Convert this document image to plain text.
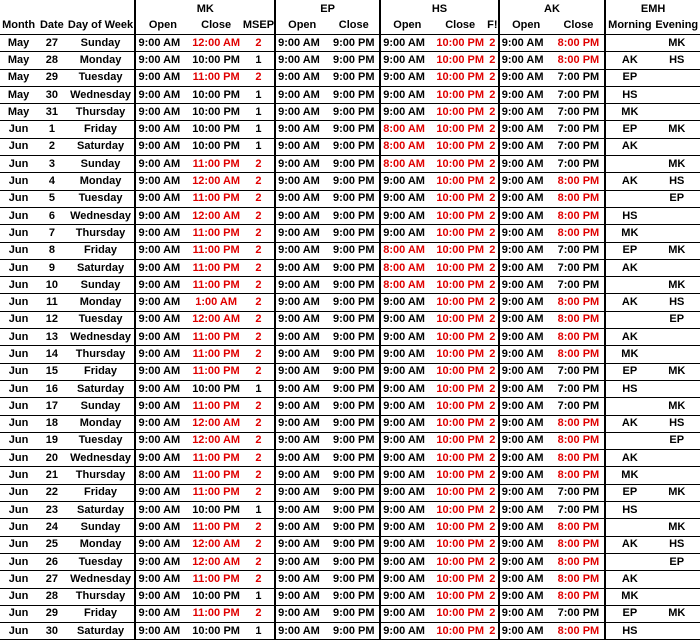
			MK			EP		HS			AK		EMH	
Month	Date	Day of Week	Open	Close	MSEP	Open	Close	Open	Close	F!	Open	Close	Morning	Evening
May	27	Sunday	9:00 AM	12:00 AM	2	9:00 AM	9:00 PM	9:00 AM	10:00 PM	2	9:00 AM	8:00 PM		MK
May	28	Monday	9:00 AM	10:00 PM	1	9:00 AM	9:00 PM	9:00 AM	10:00 PM	2	9:00 AM	8:00 PM	AK	HS
May	29	Tuesday	9:00 AM	11:00 PM	2	9:00 AM	9:00 PM	9:00 AM	10:00 PM	2	9:00 AM	7:00 PM	EP	
May	30	Wednesday	9:00 AM	10:00 PM	1	9:00 AM	9:00 PM	9:00 AM	10:00 PM	2	9:00 AM	7:00 PM	HS	
May	31	Thursday	9:00 AM	10:00 PM	1	9:00 AM	9:00 PM	9:00 AM	10:00 PM	2	9:00 AM	7:00 PM	MK	
Jun	1	Friday	9:00 AM	10:00 PM	1	9:00 AM	9:00 PM	8:00 AM	10:00 PM	2	9:00 AM	7:00 PM	EP	MK
Jun	2	Saturday	9:00 AM	10:00 PM	1	9:00 AM	9:00 PM	8:00 AM	10:00 PM	2	9:00 AM	7:00 PM	AK	
Jun	3	Sunday	9:00 AM	11:00 PM	2	9:00 AM	9:00 PM	8:00 AM	10:00 PM	2	9:00 AM	7:00 PM		MK
Jun	4	Monday	9:00 AM	12:00 AM	2	9:00 AM	9:00 PM	9:00 AM	10:00 PM	2	9:00 AM	8:00 PM	AK	HS
Jun	5	Tuesday	9:00 AM	11:00 PM	2	9:00 AM	9:00 PM	9:00 AM	10:00 PM	2	9:00 AM	8:00 PM		EP
Jun	6	Wednesday	9:00 AM	12:00 AM	2	9:00 AM	9:00 PM	9:00 AM	10:00 PM	2	9:00 AM	8:00 PM	HS	
Jun	7	Thursday	9:00 AM	11:00 PM	2	9:00 AM	9:00 PM	9:00 AM	10:00 PM	2	9:00 AM	8:00 PM	MK	
Jun	8	Friday	9:00 AM	11:00 PM	2	9:00 AM	9:00 PM	8:00 AM	10:00 PM	2	9:00 AM	7:00 PM	EP	MK
Jun	9	Saturday	9:00 AM	11:00 PM	2	9:00 AM	9:00 PM	8:00 AM	10:00 PM	2	9:00 AM	7:00 PM	AK	
Jun	10	Sunday	9:00 AM	11:00 PM	2	9:00 AM	9:00 PM	8:00 AM	10:00 PM	2	9:00 AM	7:00 PM		MK
Jun	11	Monday	9:00 AM	1:00 AM	2	9:00 AM	9:00 PM	9:00 AM	10:00 PM	2	9:00 AM	8:00 PM	AK	HS
Jun	12	Tuesday	9:00 AM	12:00 AM	2	9:00 AM	9:00 PM	9:00 AM	10:00 PM	2	9:00 AM	8:00 PM		EP
Jun	13	Wednesday	9:00 AM	11:00 PM	2	9:00 AM	9:00 PM	9:00 AM	10:00 PM	2	9:00 AM	8:00 PM	AK	
Jun	14	Thursday	9:00 AM	11:00 PM	2	9:00 AM	9:00 PM	9:00 AM	10:00 PM	2	9:00 AM	8:00 PM	MK	
Jun	15	Friday	9:00 AM	11:00 PM	2	9:00 AM	9:00 PM	9:00 AM	10:00 PM	2	9:00 AM	7:00 PM	EP	MK
Jun	16	Saturday	9:00 AM	10:00 PM	1	9:00 AM	9:00 PM	9:00 AM	10:00 PM	2	9:00 AM	7:00 PM	HS	
Jun	17	Sunday	9:00 AM	11:00 PM	2	9:00 AM	9:00 PM	9:00 AM	10:00 PM	2	9:00 AM	7:00 PM		MK
Jun	18	Monday	9:00 AM	12:00 AM	2	9:00 AM	9:00 PM	9:00 AM	10:00 PM	2	9:00 AM	8:00 PM	AK	HS
Jun	19	Tuesday	9:00 AM	12:00 AM	2	9:00 AM	9:00 PM	9:00 AM	10:00 PM	2	9:00 AM	8:00 PM		EP
Jun	20	Wednesday	9:00 AM	11:00 PM	2	9:00 AM	9:00 PM	9:00 AM	10:00 PM	2	9:00 AM	8:00 PM	AK	
Jun	21	Thursday	8:00 AM	11:00 PM	2	9:00 AM	9:00 PM	9:00 AM	10:00 PM	2	9:00 AM	8:00 PM	MK	
Jun	22	Friday	9:00 AM	11:00 PM	2	9:00 AM	9:00 PM	9:00 AM	10:00 PM	2	9:00 AM	7:00 PM	EP	MK
Jun	23	Saturday	9:00 AM	10:00 PM	1	9:00 AM	9:00 PM	9:00 AM	10:00 PM	2	9:00 AM	7:00 PM	HS	
Jun	24	Sunday	9:00 AM	11:00 PM	2	9:00 AM	9:00 PM	9:00 AM	10:00 PM	2	9:00 AM	8:00 PM		MK
Jun	25	Monday	9:00 AM	12:00 AM	2	9:00 AM	9:00 PM	9:00 AM	10:00 PM	2	9:00 AM	8:00 PM	AK	HS
Jun	26	Tuesday	9:00 AM	12:00 AM	2	9:00 AM	9:00 PM	9:00 AM	10:00 PM	2	9:00 AM	8:00 PM		EP
Jun	27	Wednesday	9:00 AM	11:00 PM	2	9:00 AM	9:00 PM	9:00 AM	10:00 PM	2	9:00 AM	8:00 PM	AK	
Jun	28	Thursday	9:00 AM	10:00 PM	1	9:00 AM	9:00 PM	9:00 AM	10:00 PM	2	9:00 AM	8:00 PM	MK	
Jun	29	Friday	9:00 AM	11:00 PM	2	9:00 AM	9:00 PM	9:00 AM	10:00 PM	2	9:00 AM	7:00 PM	EP	MK
Jun	30	Saturday	9:00 AM	10:00 PM	1	9:00 AM	9:00 PM	9:00 AM	10:00 PM	2	9:00 AM	8:00 PM	HS	
